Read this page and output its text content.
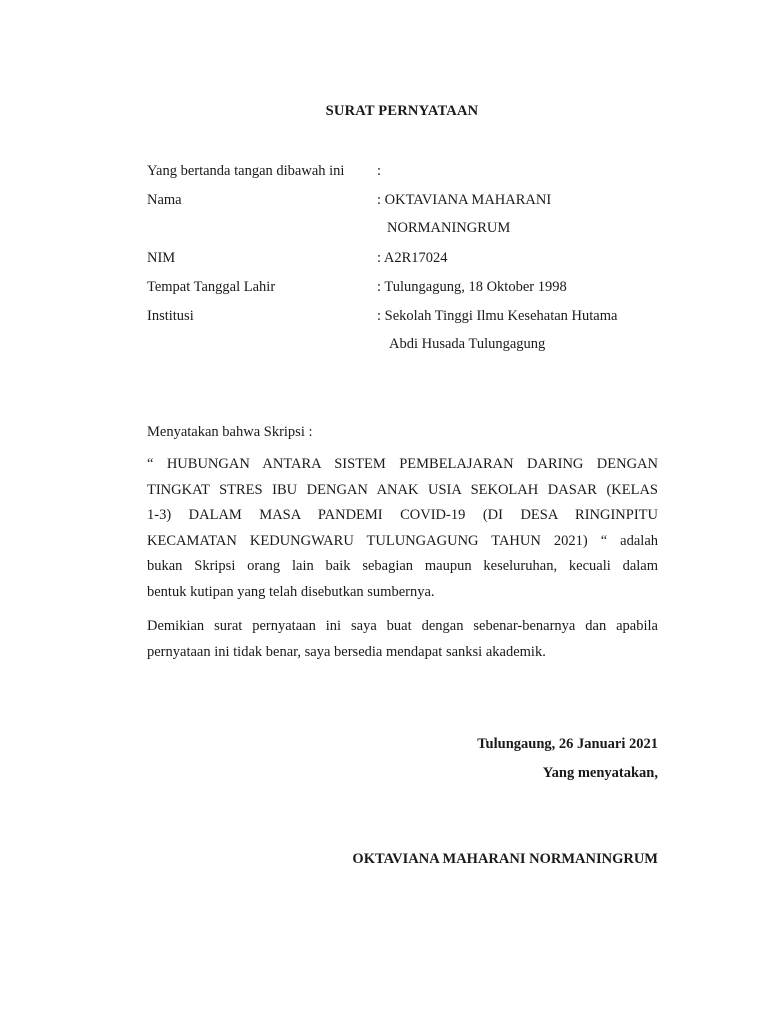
SURAT PERNYATAAN
Yang bertanda tangan dibawah ini :
Nama	: OKTAVIANA MAHARANI
NORMANINGRUM
NIM	: A2R17024
Tempat Tanggal Lahir	: Tulungagung, 18 Oktober 1998
Institusi	: Sekolah Tinggi Ilmu Kesehatan Hutama
Abdi Husada Tulungagung
Menyatakan bahwa Skripsi :
“ HUBUNGAN ANTARA SISTEM PEMBELAJARAN DARING DENGAN
TINGKAT STRES IBU DENGAN ANAK USIA SEKOLAH DASAR (KELAS
1-3) DALAM MASA PANDEMI COVID-19 (DI DESA RINGINPITU
KECAMATAN KEDUNGWARU TULUNGAGUNG TAHUN 2021) “ adalah
bukan Skripsi orang lain baik sebagian maupun keseluruhan, kecuali dalam
bentuk kutipan yang telah disebutkan sumbernya.
Demikian surat pernyataan ini saya buat dengan sebenar-benarnya dan apabila
pernyataan ini tidak benar, saya bersedia mendapat sanksi akademik.
Tulungaung, 26 Januari 2021
Yang menyatakan,
OKTAVIANA MAHARANI NORMANINGRUM
